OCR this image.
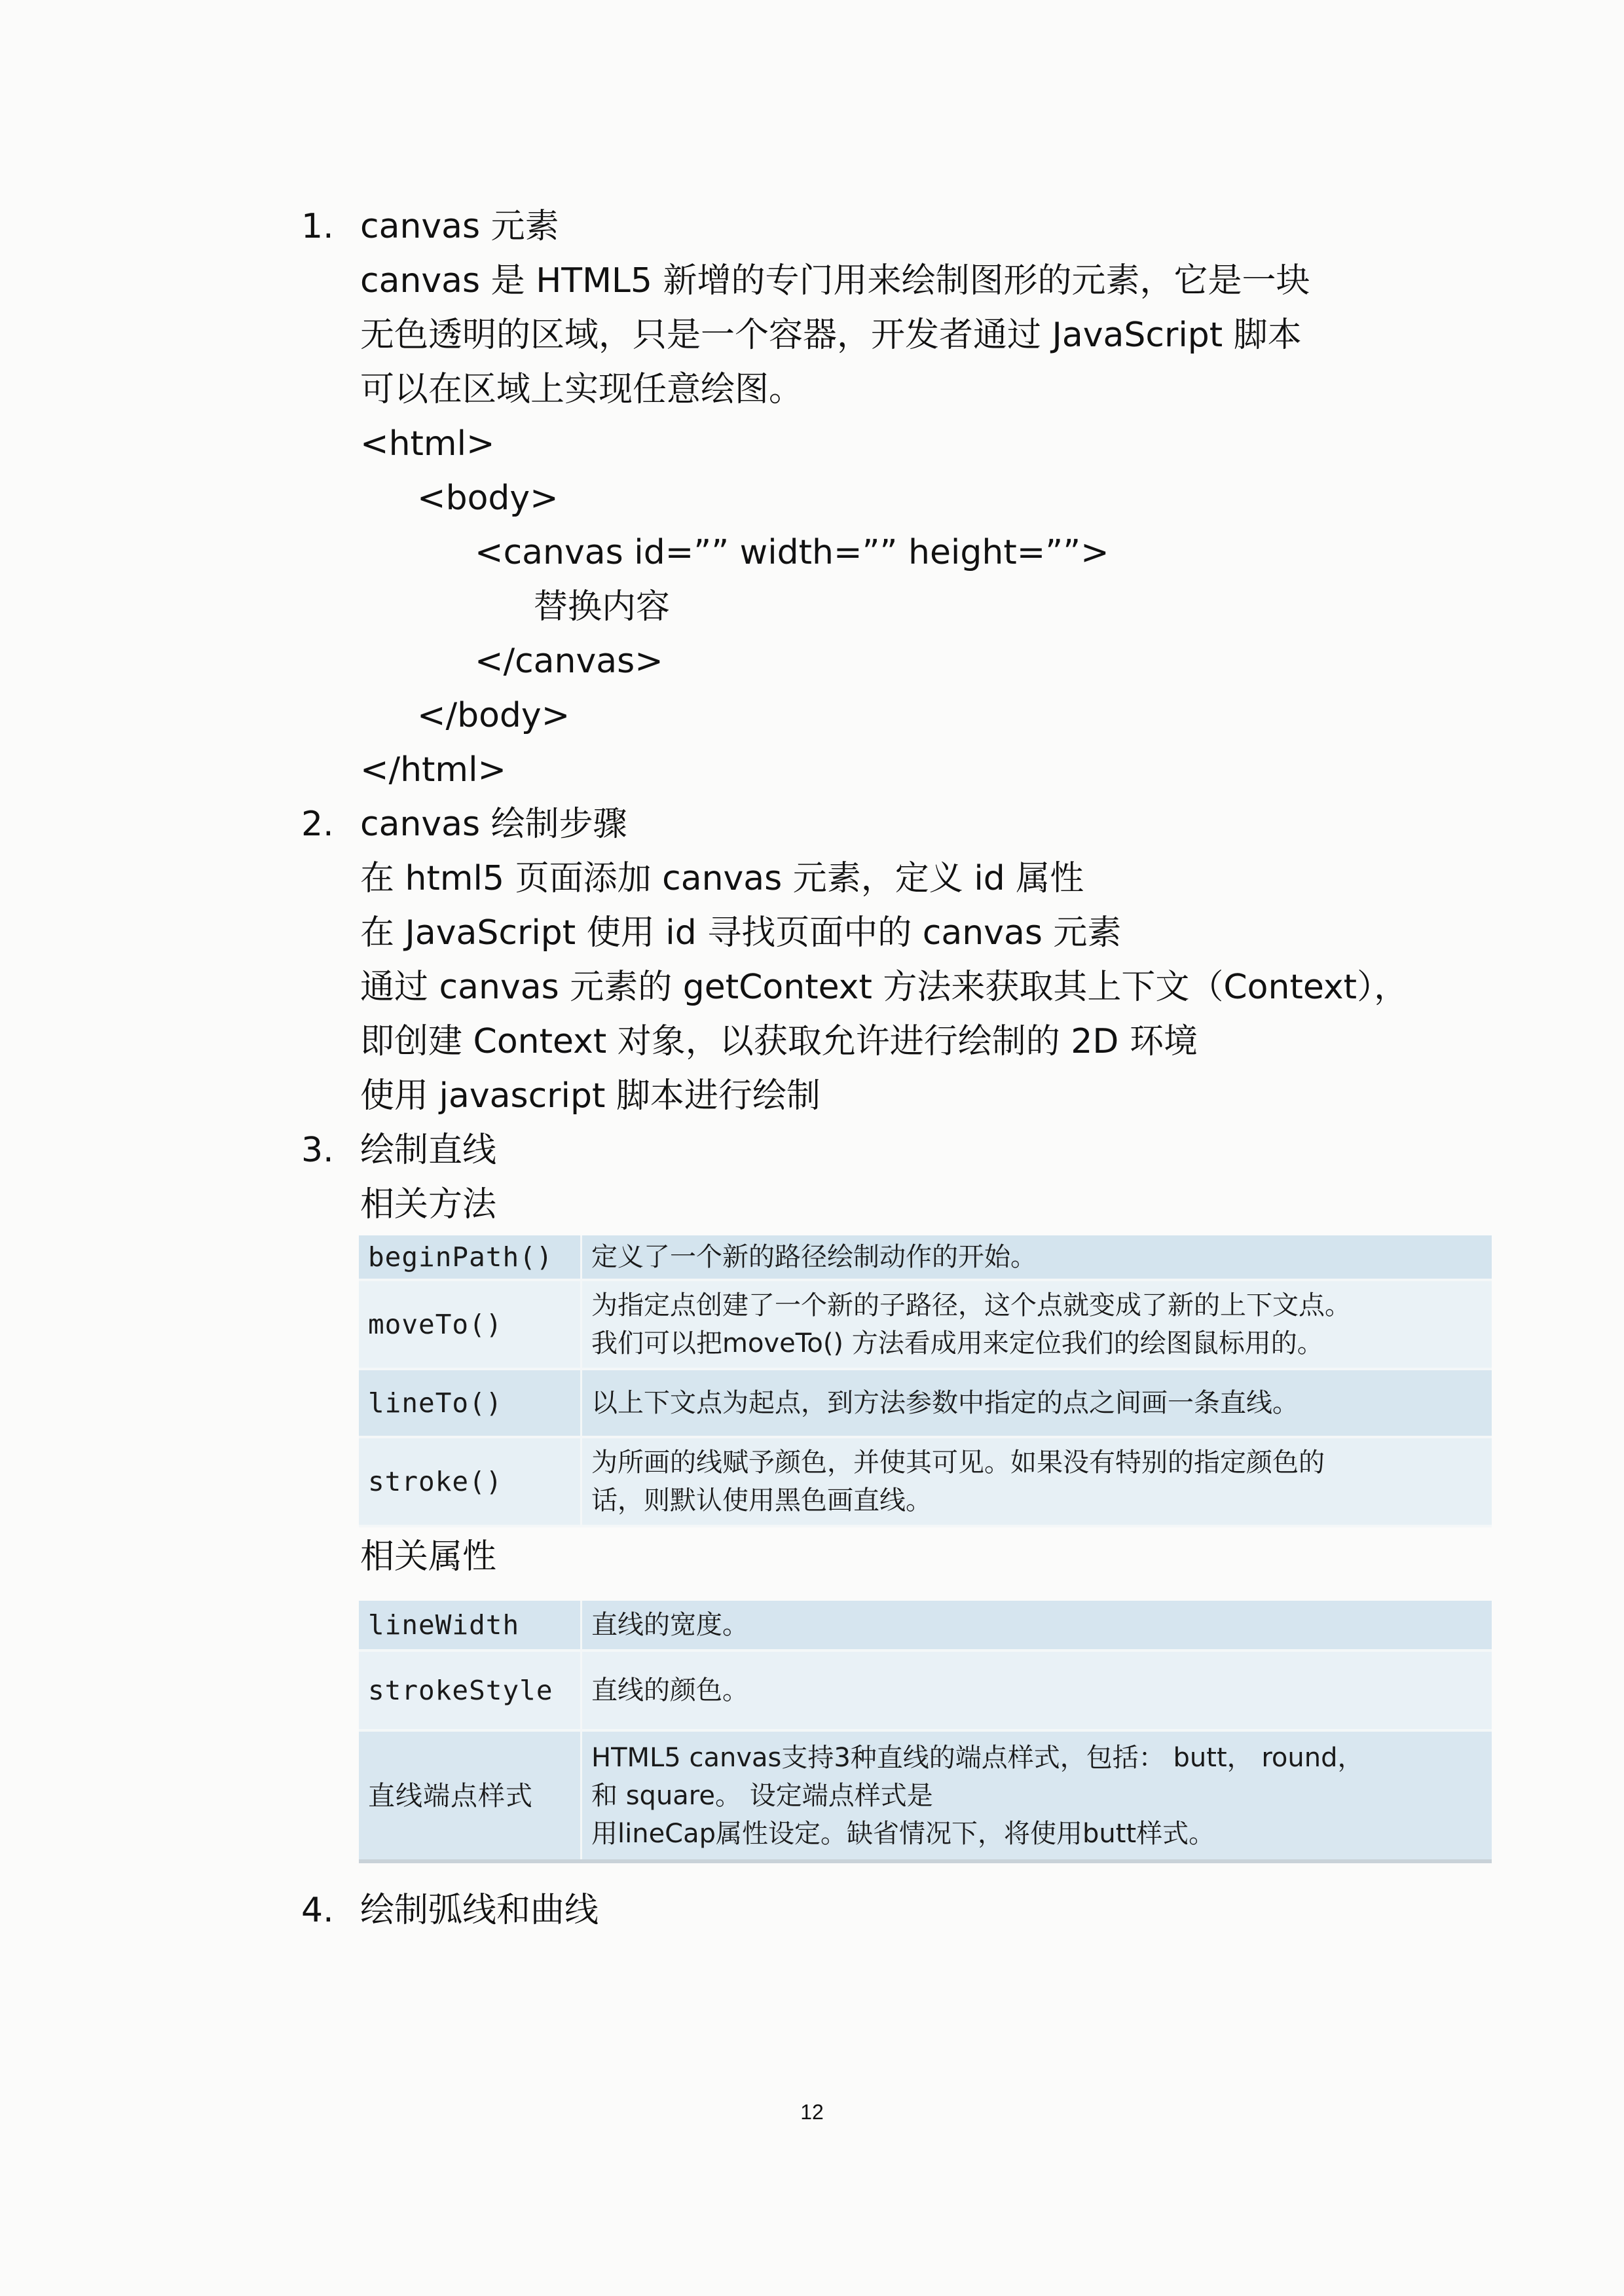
1. canvas 元素
canvas 是 HTML5 新增的专门用来绘制图形的元素，它是一块
无色透明的区域，只是一个容器，开发者通过 JavaScript 脚本
可以在区域上实现任意绘图。
<html>
<body>
<canvas id=”” width=”” height=””>
替换内容
</canvas>
</body>
</html>
2. canvas 绘制步骤
在 html5 页面添加 canvas 元素，定义 id 属性
在 JavaScript 使用 id 寻找页面中的 canvas 元素
通过 canvas 元素的 getContext 方法来获取其上下文（Context），
即创建 Context 对象，以获取允许进行绘制的 2D 环境
使用 javascript 脚本进行绘制
3. 绘制直线
相关方法
beginPath()	定义了一个新的路径绘制动作的开始。

moveTo()	为指定点创建了一个新的子路径，这个点就变成了新的上下文点。
我们可以把moveTo() 方法看成用来定位我们的绘图鼠标用的。

lineTo()	以上下文点为起点，到方法参数中指定的点之间画一条直线。

stroke()	为所画的线赋予颜色，并使其可见。如果没有特别的指定颜色的
话，则默认使用黑色画直线。
相关属性
lineWidth	直线的宽度。

strokeStyle	直线的颜色。

直线端点样式	HTML5 canvas支持3种直线的端点样式，包括： butt， round，
和 square。 设定端点样式是
用lineCap属性设定。缺省情况下，将使用butt样式。
4. 绘制弧线和曲线
12
